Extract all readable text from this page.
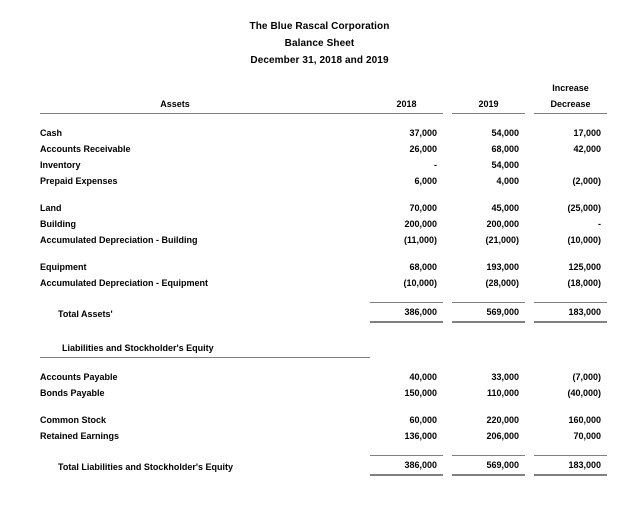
The Blue Rascal Corporation
Balance Sheet
December 31, 2018 and 2019
					Increase

Assets	2018		2019		Decrease

Cash	37,000		54,000		17,000
Accounts Receivable	26,000		68,000		42,000
Inventory	-		54,000		
Prepaid Expenses	6,000		4,000		(2,000)

Land	70,000		45,000		(25,000)
Building	200,000		200,000		-
Accumulated Depreciation - Building	(11,000)		(21,000)		(10,000)

Equipment	68,000		193,000		125,000
Accumulated Depreciation - Equipment	(10,000)		(28,000)		(18,000)

Total Assets'	386,000		569,000		183,000

Liabilities and Stockholder's Equity					

Accounts Payable	40,000		33,000		(7,000)
Bonds Payable	150,000		110,000		(40,000)

Common Stock	60,000		220,000		160,000
Retained Earnings	136,000		206,000		70,000

Total Liabilities and Stockholder's Equity	386,000		569,000		183,000
